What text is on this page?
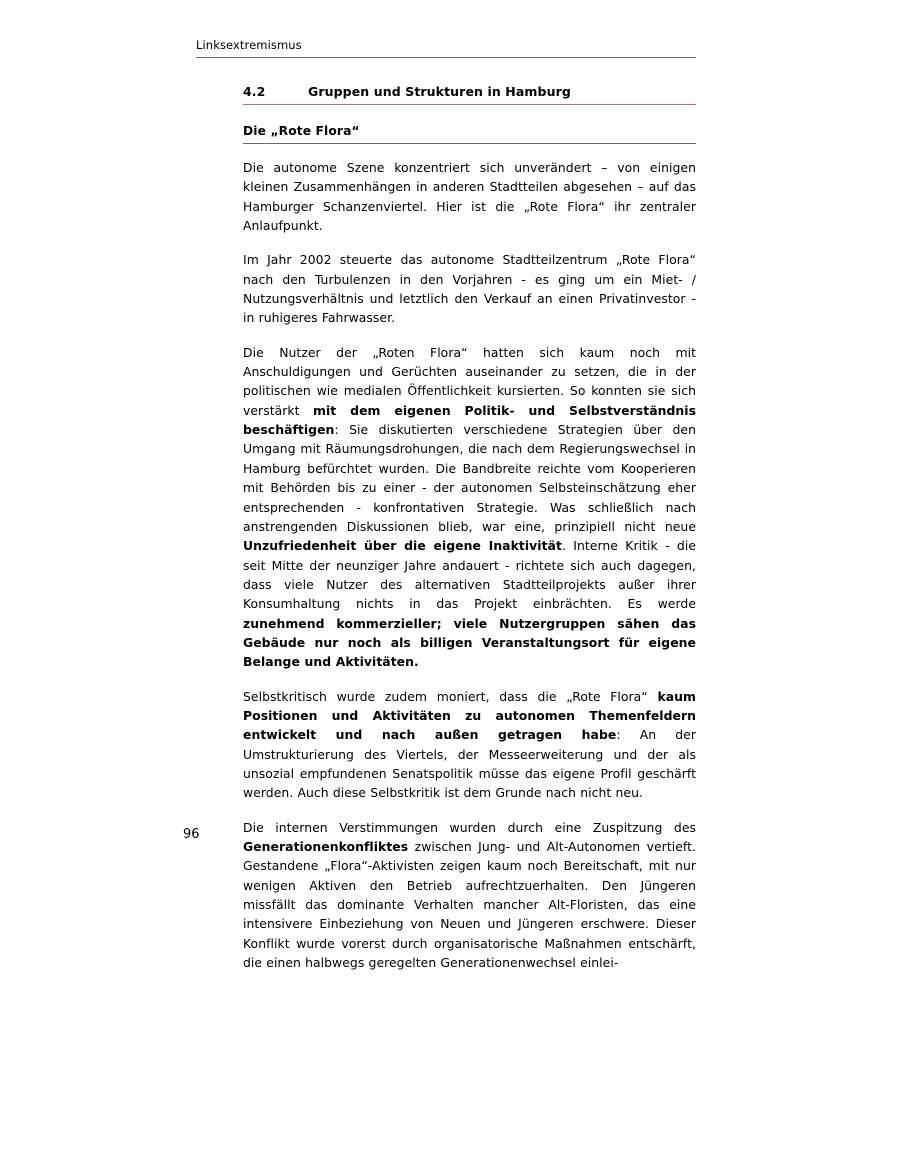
Linksextremismus
4.2	Gruppen und Strukturen in Hamburg
Die „Rote Flora“

Die autonome Szene konzentriert sich unverändert – von einigen kleinen Zusammenhängen in anderen Stadtteilen abgesehen – auf das Hamburger Schanzenviertel. Hier ist die „Rote Flora“ ihr zentraler Anlaufpunkt.

Im Jahr 2002 steuerte das autonome Stadtteilzentrum „Rote Flora“ nach den Turbulenzen in den Vorjahren - es ging um ein Miet- / Nutzungsverhältnis und letztlich den Verkauf an einen Privatinvestor - in ruhigeres Fahrwasser.

Die Nutzer der „Roten Flora“ hatten sich kaum noch mit Anschuldigungen und Gerüchten auseinander zu setzen, die in der politischen wie medialen Öffentlichkeit kursierten. So konnten sie sich verstärkt mit dem eigenen Politik- und Selbstverständnis beschäftigen: Sie diskutierten verschiedene Strategien über den Umgang mit Räumungsdrohungen, die nach dem Regierungswechsel in Hamburg befürchtet wurden. Die Bandbreite reichte vom Kooperieren mit Behörden bis zu einer - der autonomen Selbsteinschätzung eher entsprechenden - konfrontativen Strategie. Was schließlich nach anstrengenden Diskussionen blieb, war eine, prinzipiell nicht neue Unzufriedenheit über die eigene Inaktivität. Interne Kritik - die seit Mitte der neunziger Jahre andauert - richtete sich auch dagegen, dass viele Nutzer des alternativen Stadtteilprojekts außer ihrer Konsumhaltung nichts in das Projekt einbrächten. Es werde zunehmend kommerzieller; viele Nutzergruppen sähen das Gebäude nur noch als billigen Veranstaltungsort für eigene Belange und Aktivitäten.

Selbstkritisch wurde zudem moniert, dass die „Rote Flora“ kaum Positionen und Aktivitäten zu autonomen Themenfeldern entwickelt und nach außen getragen habe: An der Umstrukturierung des Viertels, der Messeerweiterung und der als unsozial empfundenen Senatspolitik müsse das eigene Profil geschärft werden. Auch diese Selbstkritik ist dem Grunde nach nicht neu.

Die internen Verstimmungen wurden durch eine Zuspitzung des Generationenkonfliktes zwischen Jung- und Alt-Autonomen vertieft. Gestandene „Flora“-Aktivisten zeigen kaum noch Bereitschaft, mit nur wenigen Aktiven den Betrieb aufrechtzuerhalten. Den Jüngeren missfällt das dominante Verhalten mancher Alt-Floristen, das eine intensivere Einbeziehung von Neuen und Jüngeren erschwere. Dieser Konflikt wurde vorerst durch organisatorische Maßnahmen entschärft, die einen halbwegs geregelten Generationenwechsel einlei-

96
